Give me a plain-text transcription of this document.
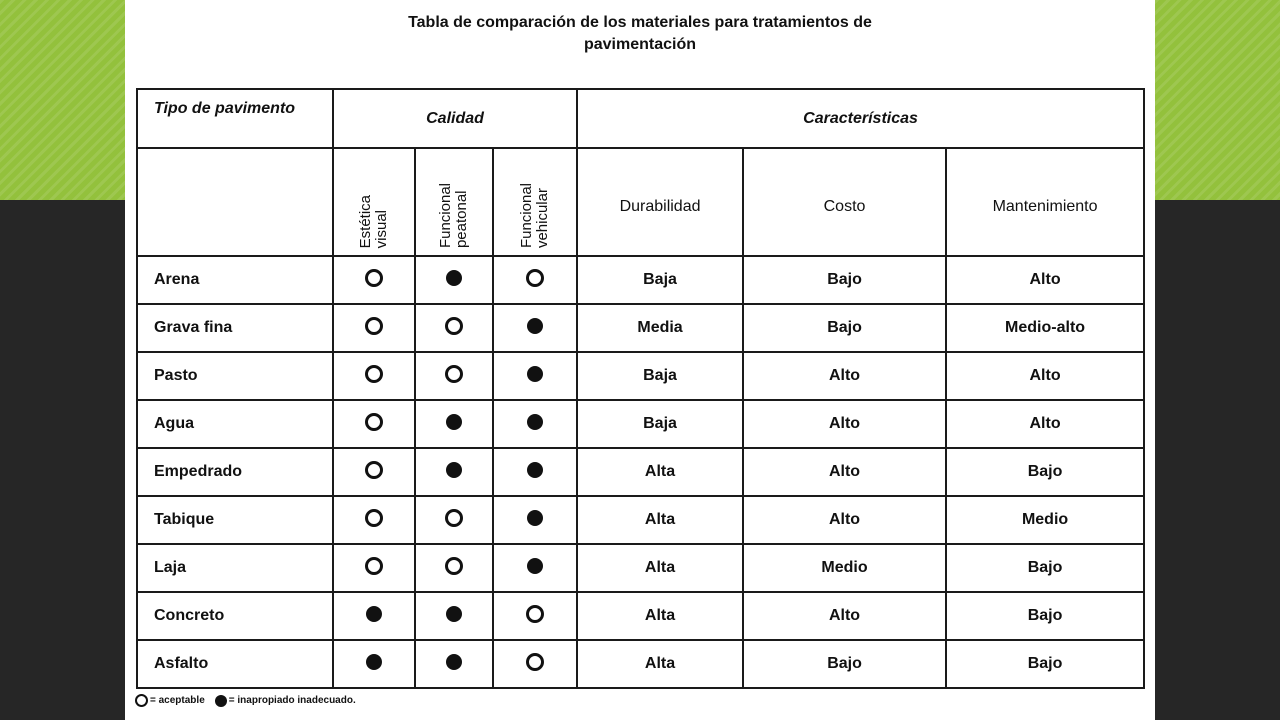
Tabla de comparación de los materiales para tratamientos de
pavimentación
Tipo de pavimento	Calidad			Características		

	Estética
visual	Funcional
peatonal	Funcional
vehicular	Durabilidad	Costo	Mantenimiento
Arena				Baja	Bajo	Alto
Grava fina				Media	Bajo	Medio-alto
Pasto				Baja	Alto	Alto
Agua				Baja	Alto	Alto
Empedrado				Alta	Alto	Bajo
Tabique				Alta	Alto	Medio
Laja				Alta	Medio	Bajo
Concreto				Alta	Alto	Bajo
Asfalto				Alta	Bajo	Bajo
= aceptable = inapropiado inadecuado.
